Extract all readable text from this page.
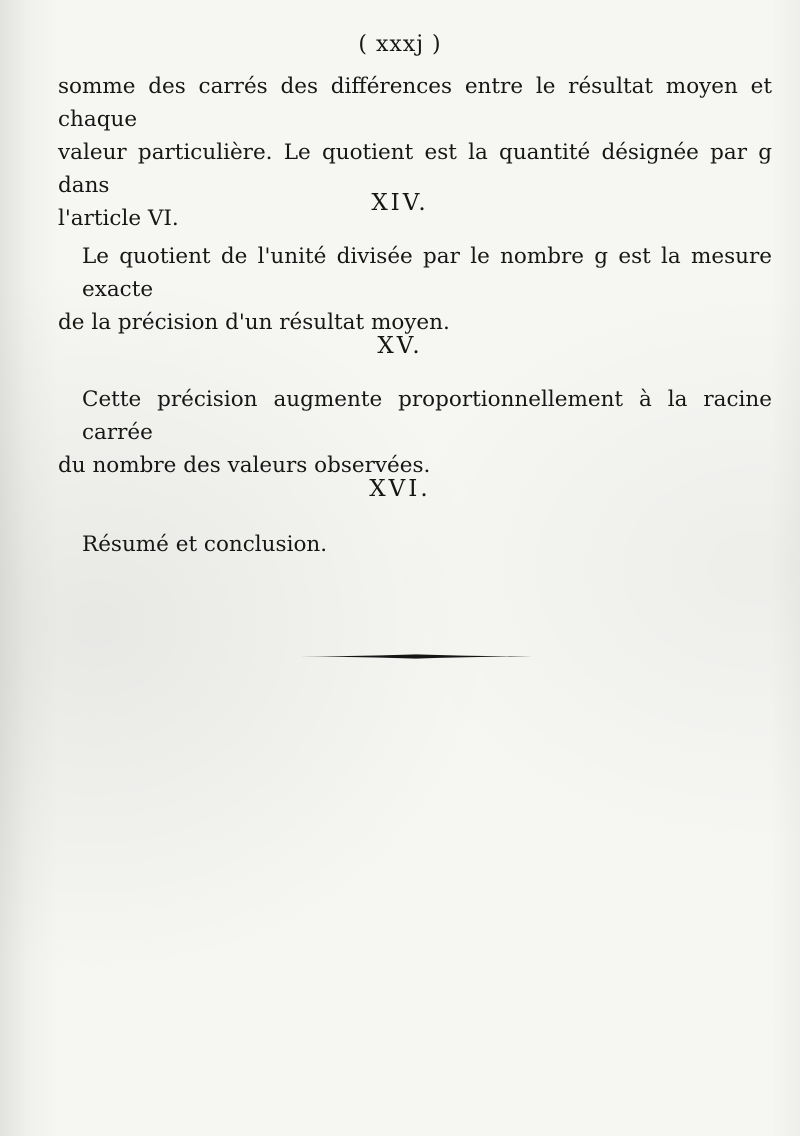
( xxxj )

somme des carrés des différences entre le résultat moyen et chaque
valeur particulière. Le quotient est la quantité désignée par g dans
l'article VI.

XIV.

Le quotient de l'unité divisée par le nombre g est la mesure exacte
de la précision d'un résultat moyen.

XV.

Cette précision augmente proportionnellement à la racine carrée
du nombre des valeurs observées.

XVI.

Résumé et conclusion.
